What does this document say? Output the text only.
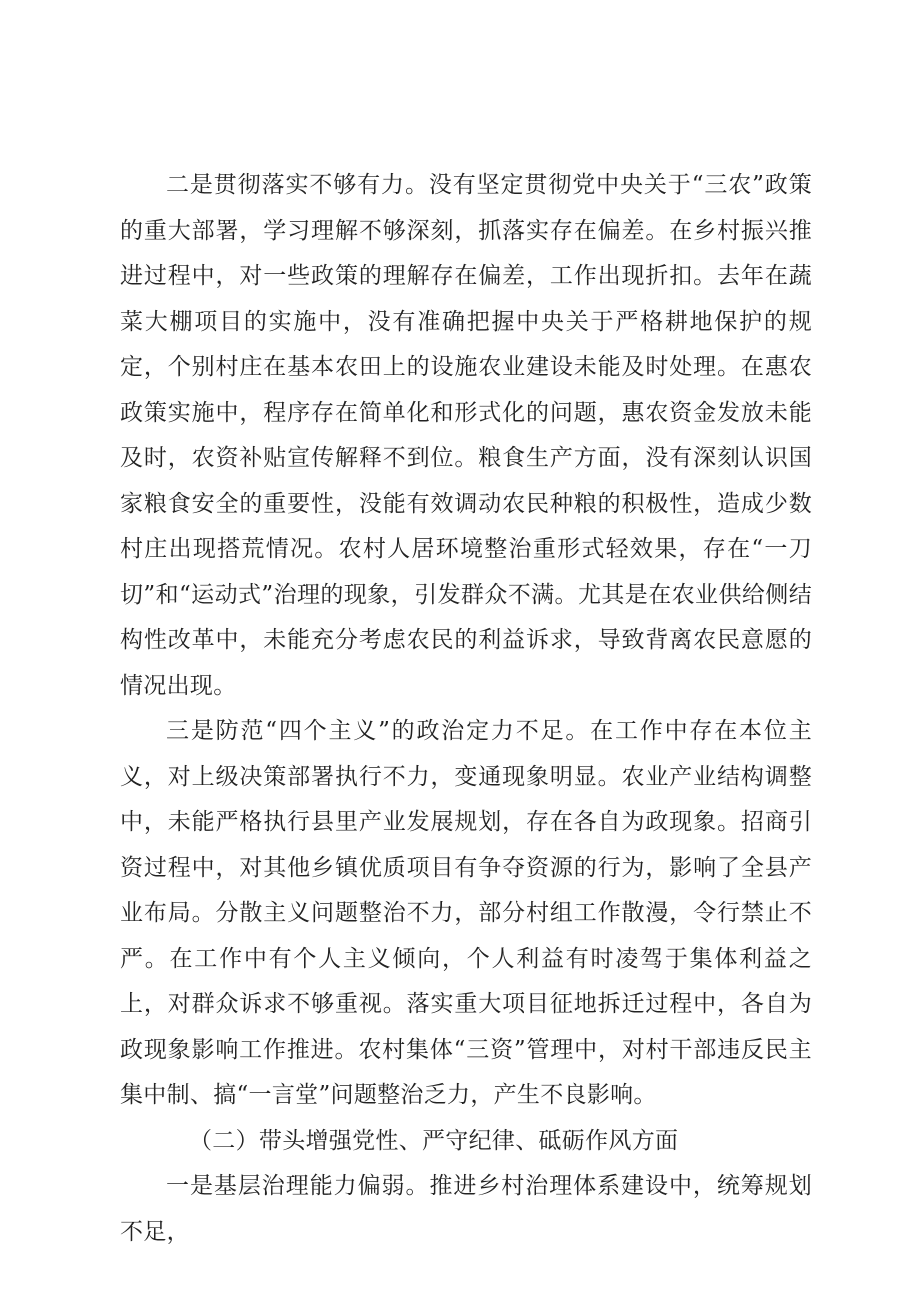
二是贯彻落实不够有力。没有坚定贯彻党中央关于“三农”政策的重大部署，学习理解不够深刻，抓落实存在偏差。在乡村振兴推进过程中，对一些政策的理解存在偏差，工作出现折扣。去年在蔬菜大棚项目的实施中，没有准确把握中央关于严格耕地保护的规定，个别村庄在基本农田上的设施农业建设未能及时处理。在惠农政策实施中，程序存在简单化和形式化的问题，惠农资金发放未能及时，农资补贴宣传解释不到位。粮食生产方面，没有深刻认识国家粮食安全的重要性，没能有效调动农民种粮的积极性，造成少数村庄出现搭荒情况。农村人居环境整治重形式轻效果，存在“一刀切”和“运动式”治理的现象，引发群众不满。尤其是在农业供给侧结构性改革中，未能充分考虑农民的利益诉求，导致背离农民意愿的情况出现。

三是防范“四个主义”的政治定力不足。在工作中存在本位主义，对上级决策部署执行不力，变通现象明显。农业产业结构调整中，未能严格执行县里产业发展规划，存在各自为政现象。招商引资过程中，对其他乡镇优质项目有争夺资源的行为，影响了全县产业布局。分散主义问题整治不力，部分村组工作散漫，令行禁止不严。在工作中有个人主义倾向，个人利益有时凌驾于集体利益之上，对群众诉求不够重视。落实重大项目征地拆迁过程中，各自为政现象影响工作推进。农村集体“三资”管理中，对村干部违反民主集中制、搞“一言堂”问题整治乏力，产生不良影响。

（二）带头增强党性、严守纪律、砥砺作风方面

一是基层治理能力偏弱。推进乡村治理体系建设中，统筹规划不足，
